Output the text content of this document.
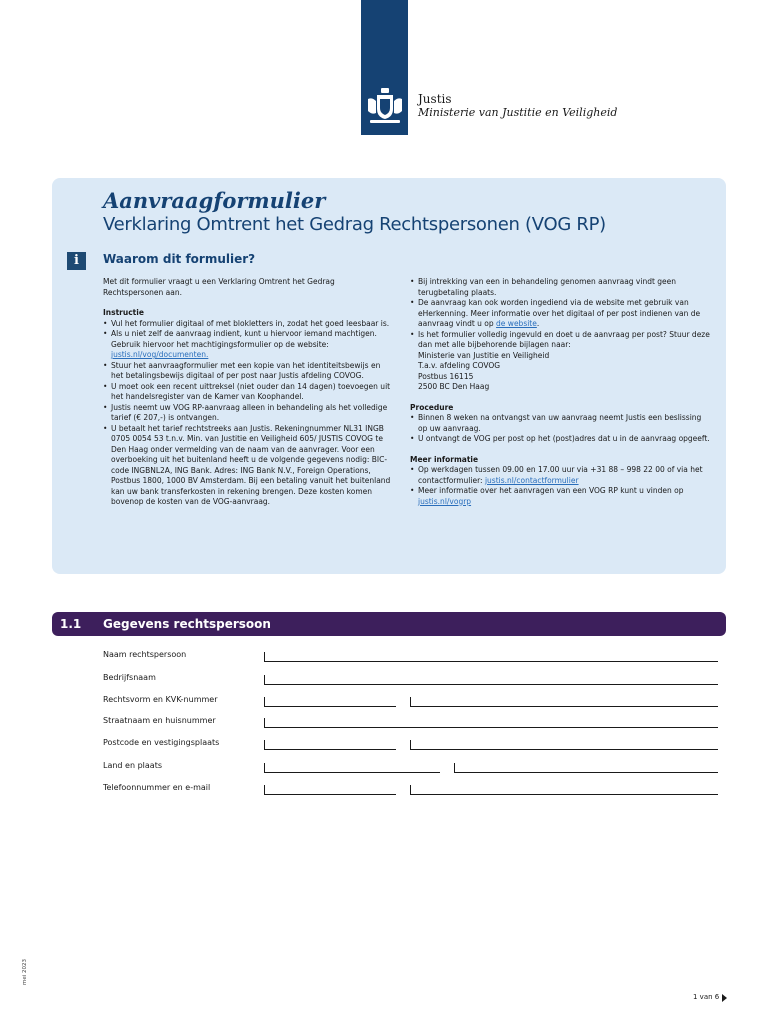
Justis
Ministerie van Justitie en Veiligheid
Aanvraagformulier
Verklaring Omtrent het Gedrag Rechtspersonen (VOG RP)
i	Waarom dit formulier?

Met dit formulier vraagt u een Verklaring Omtrent het Gedrag Rechtspersonen aan.

Instructie

• Vul het formulier digitaal of met blokletters in, zodat het goed leesbaar is.
• Als u niet zelf de aanvraag indient, kunt u hiervoor iemand machtigen. Gebruik hiervoor het machtigingsformulier op de website: justis.nl/vog/documenten.
• Stuur het aanvraagformulier met een kopie van het identiteitsbewijs en het betalingsbewijs digitaal of per post naar Justis afdeling COVOG.
• U moet ook een recent uittreksel (niet ouder dan 14 dagen) toevoegen uit het handelsregister van de Kamer van Koophandel.
• Justis neemt uw VOG RP-aanvraag alleen in behandeling als het volledige tarief (€ 207,-) is ontvangen.
• U betaalt het tarief rechtstreeks aan Justis. Rekeningnummer NL31 INGB 0705 0054 53 t.n.v. Min. van Justitie en Veiligheid 605/ JUSTIS COVOG te Den Haag onder vermelding van de naam van de aanvrager. Voor een overboeking uit het buitenland heeft u de volgende gegevens nodig: BIC-code INGBNL2A, ING Bank. Adres: ING Bank N.V., Foreign Operations, Postbus 1800, 1000 BV Amsterdam. Bij een betaling vanuit het buitenland kan uw bank transferkosten in rekening brengen. Deze kosten komen bovenop de kosten van de VOG-aanvraag.
• Bij intrekking van een in behandeling genomen aanvraag vindt geen terugbetaling plaats.
• De aanvraag kan ook worden ingediend via de website met gebruik van eHerkenning. Meer informatie over het digitaal of per post indienen van de aanvraag vindt u op de website.
• Is het formulier volledig ingevuld en doet u de aanvraag per post? Stuur deze dan met alle bijbehorende bijlagen naar:
Ministerie van Justitie en Veiligheid
T.a.v. afdeling COVOG
Postbus 16115
2500 BC Den Haag

Procedure

• Binnen 8 weken na ontvangst van uw aanvraag neemt Justis een beslissing op uw aanvraag.
• U ontvangt de VOG per post op het (post)adres dat u in de aanvraag opgeeft.

Meer informatie

• Op werkdagen tussen 09.00 en 17.00 uur via +31 88 – 998 22 00 of via het contactformulier: justis.nl/contactformulier
• Meer informatie over het aanvragen van een VOG RP kunt u vinden op justis.nl/vogrp
1.1 Gegevens rechtspersoon
Naam rechtspersoon
Bedrijfsnaam
Rechtsvorm en KVK-nummer
Straatnaam en huisnummer
Postcode en vestigingsplaats
Land en plaats
Telefoonnummer en e-mail
mei 2023
1 van 6
